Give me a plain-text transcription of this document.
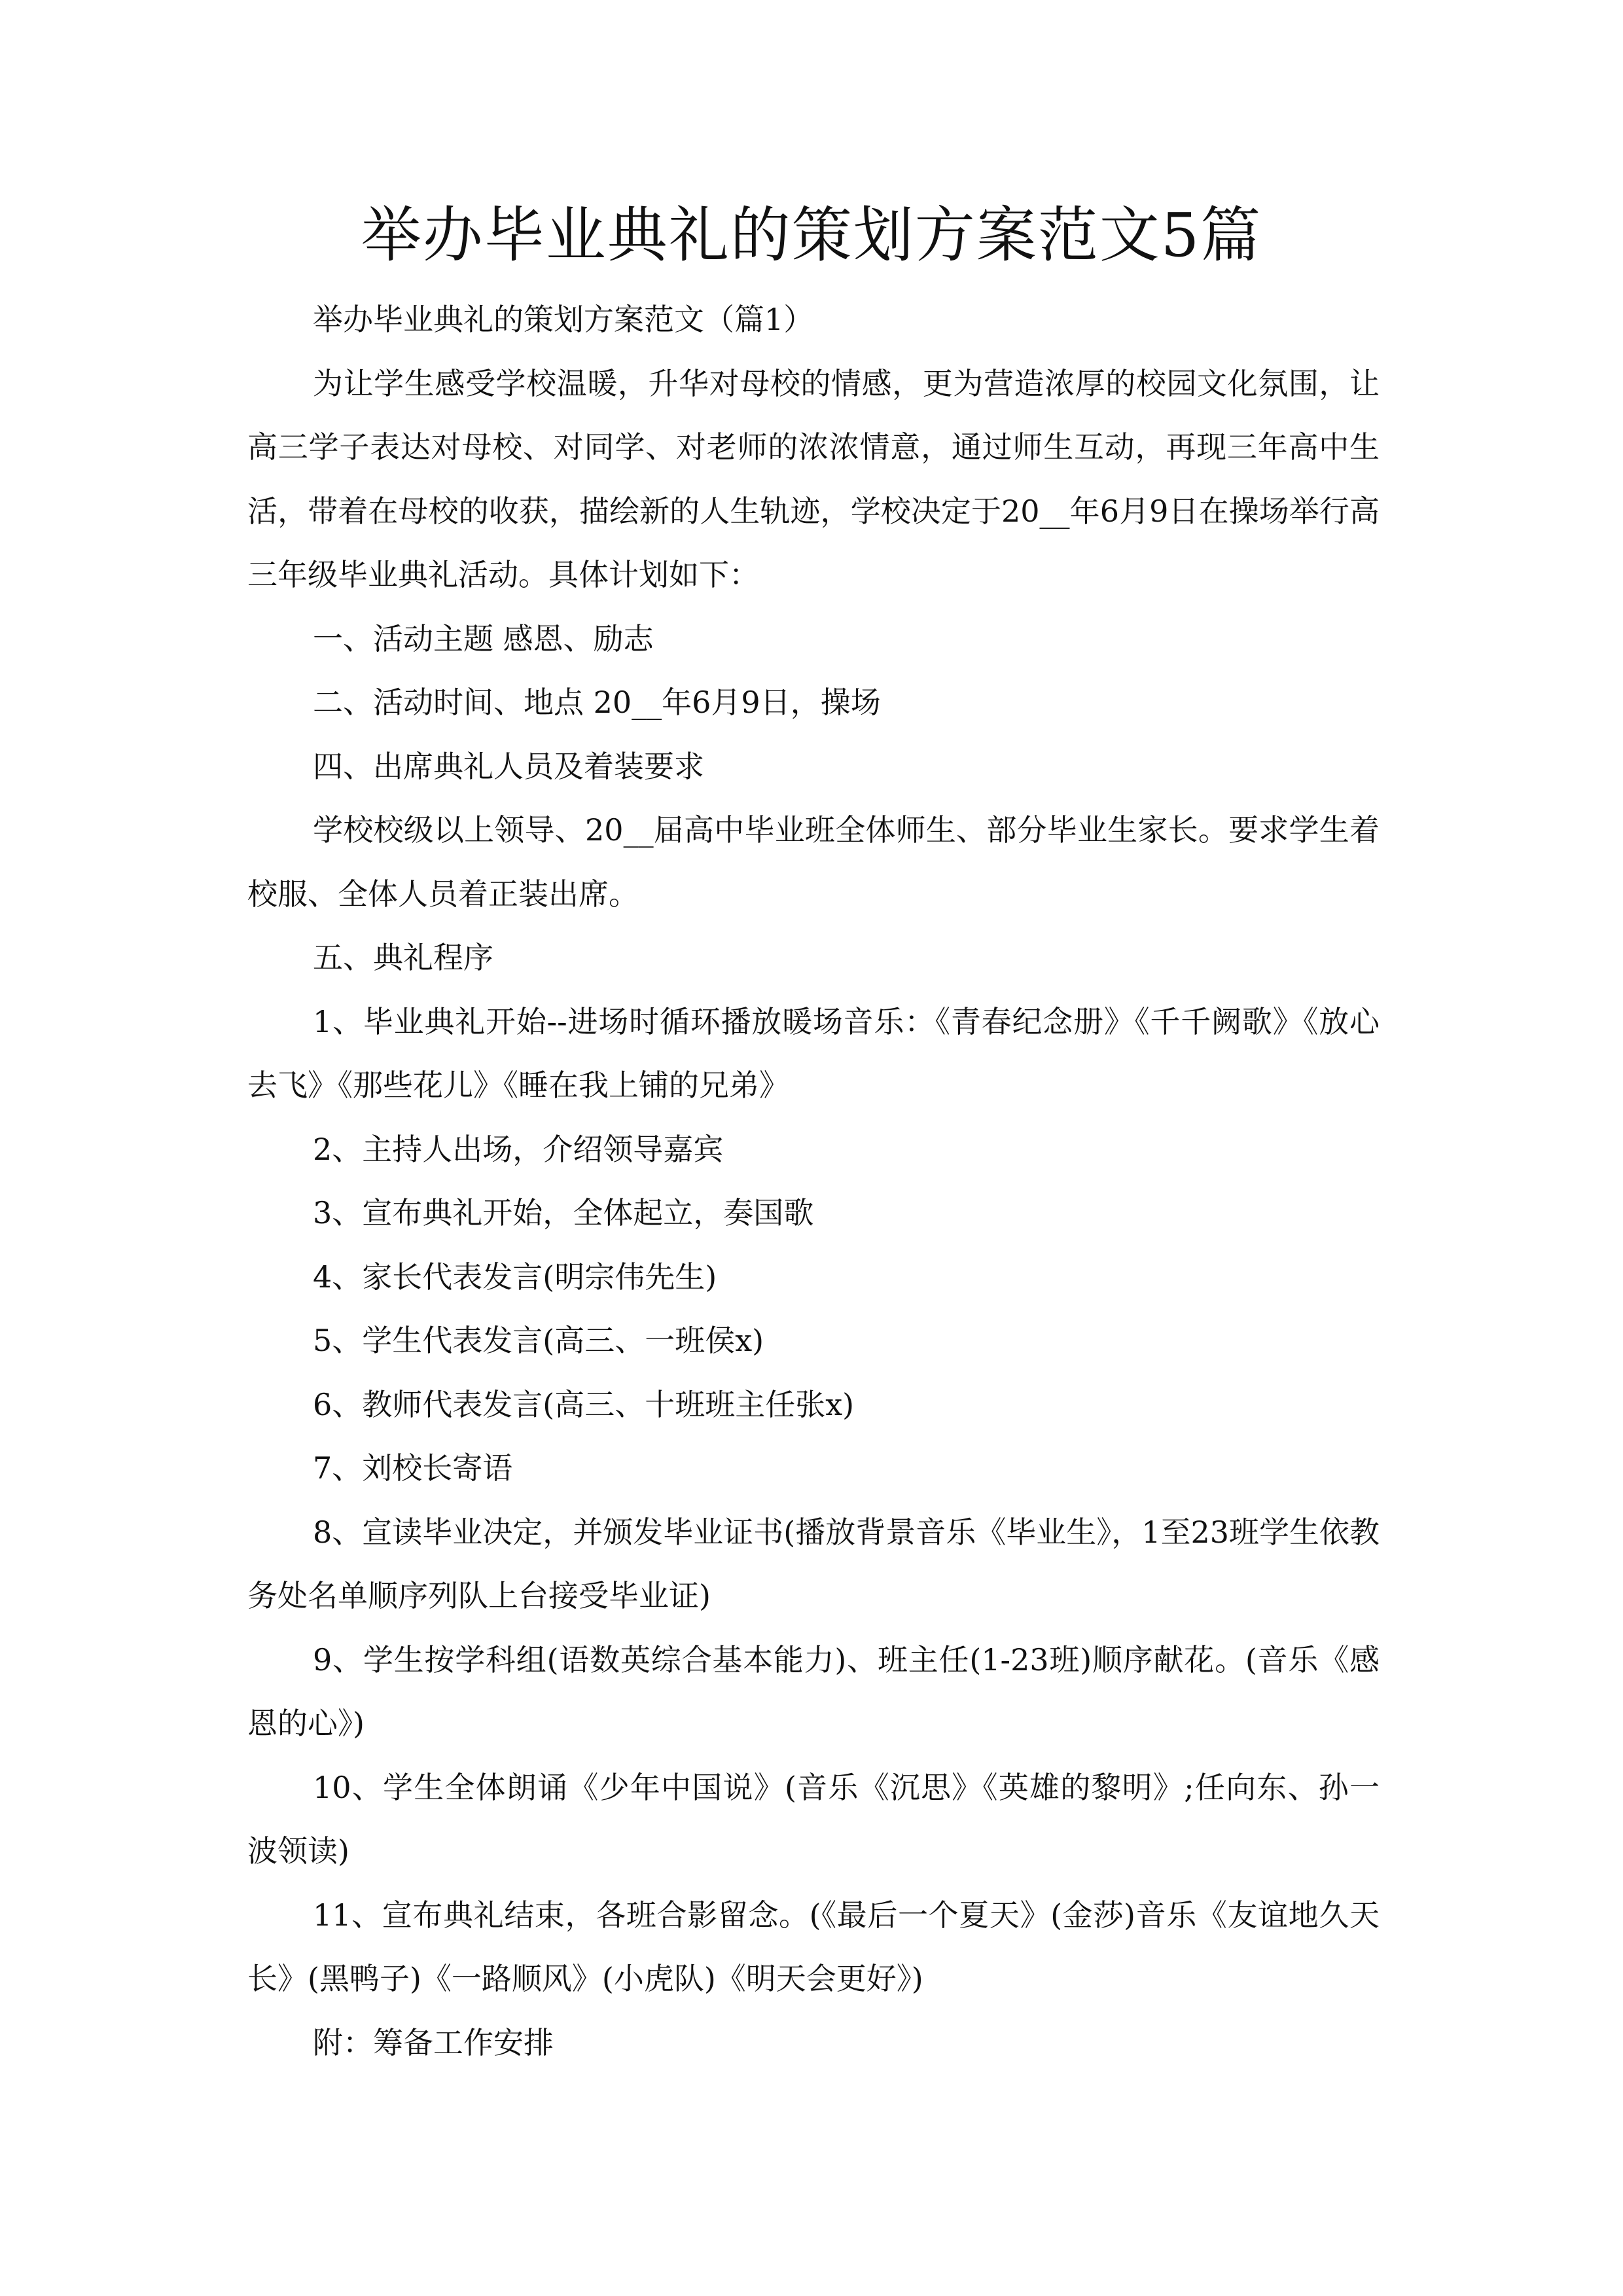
举办毕业典礼的策划方案范文5篇

举办毕业典礼的策划方案范文（篇1）

为让学生感受学校温暖，升华对母校的情感，更为营造浓厚的校园文化氛围，让高三学子表达对母校、对同学、对老师的浓浓情意，通过师生互动，再现三年高中生活，带着在母校的收获，描绘新的人生轨迹，学校决定于20__年6月9日在操场举行高三年级毕业典礼活动。具体计划如下：

一、活动主题 感恩、励志

二、活动时间、地点 20__年6月9日，操场

四、出席典礼人员及着装要求

学校校级以上领导、20__届高中毕业班全体师生、部分毕业生家长。要求学生着校服、全体人员着正装出席。

五、典礼程序

1、毕业典礼开始--进场时循环播放暖场音乐：《青春纪念册》《千千阙歌》《放心去飞》《那些花儿》《睡在我上铺的兄弟》

2、主持人出场，介绍领导嘉宾

3、宣布典礼开始，全体起立，奏国歌

4、家长代表发言(明宗伟先生)

5、学生代表发言(高三、一班侯x)

6、教师代表发言(高三、十班班主任张x)

7、刘校长寄语

8、宣读毕业决定，并颁发毕业证书(播放背景音乐《毕业生》，1至23班学生依教务处名单顺序列队上台接受毕业证)

9、学生按学科组(语数英综合基本能力)、班主任(1-23班)顺序献花。(音乐《感恩的心》)

10、学生全体朗诵《少年中国说》(音乐《沉思》《英雄的黎明》;任向东、孙一波领读)

11、宣布典礼结束，各班合影留念。(《最后一个夏天》(金莎)音乐《友谊地久天长》(黑鸭子)《一路顺风》(小虎队)《明天会更好》)

附：筹备工作安排
